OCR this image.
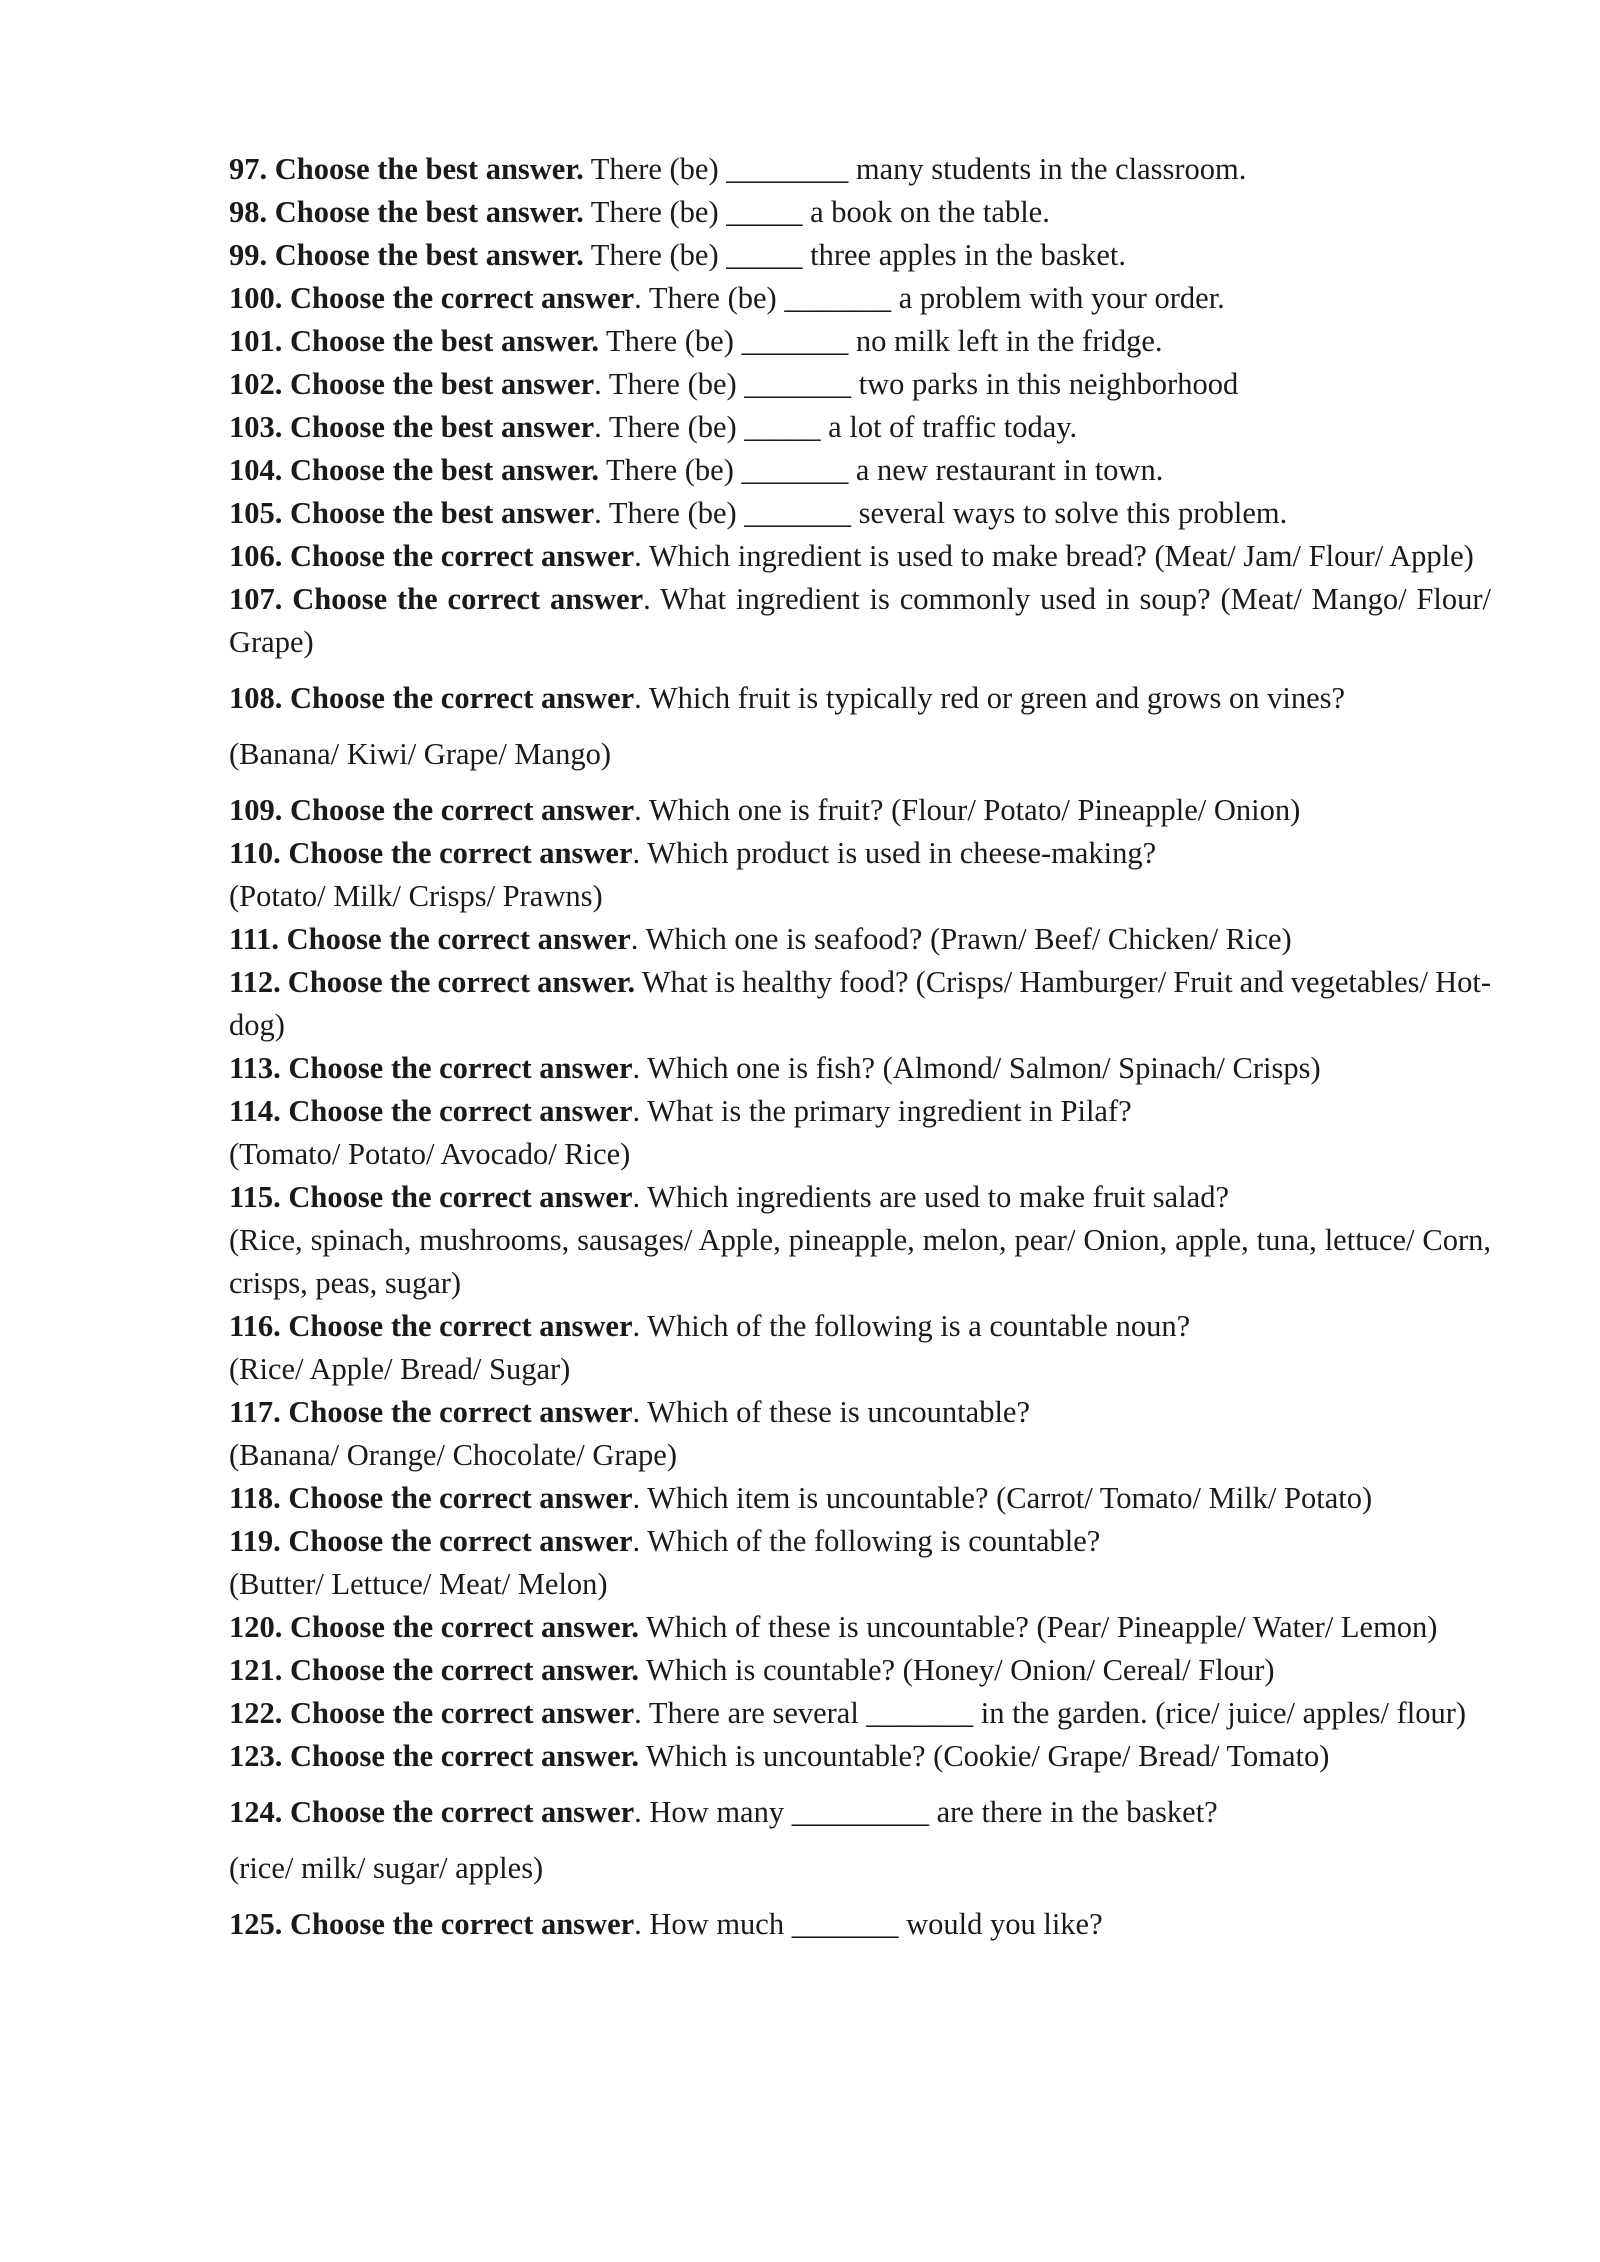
97. Choose the best answer. There (be) ________ many students in the classroom.

98. Choose the best answer. There (be) _____ a book on the table.

99. Choose the best answer. There (be) _____ three apples in the basket.

100. Choose the correct answer. There (be) _______ a problem with your order.

101. Choose the best answer. There (be) _______ no milk left in the fridge.

102. Choose the best answer. There (be) _______ two parks in this neighborhood

103. Choose the best answer. There (be) _____ a lot of traffic today.

104. Choose the best answer. There (be) _______ a new restaurant in town.

105. Choose the best answer. There (be) _______ several ways to solve this problem.

106. Choose the correct answer. Which ingredient is used to make bread? (Meat/ Jam/ Flour/ Apple)

107. Choose the correct answer. What ingredient is commonly used in soup? (Meat/ Mango/ Flour/ Grape)

108. Choose the correct answer. Which fruit is typically red or green and grows on vines?

(Banana/ Kiwi/ Grape/ Mango)

109. Choose the correct answer. Which one is fruit? (Flour/ Potato/ Pineapple/ Onion)

110. Choose the correct answer. Which product is used in cheese-making?

(Potato/ Milk/ Crisps/ Prawns)

111. Choose the correct answer. Which one is seafood? (Prawn/ Beef/ Chicken/ Rice)

112. Choose the correct answer. What is healthy food? (Crisps/ Hamburger/ Fruit and vegetables/ Hot-dog)

113. Choose the correct answer. Which one is fish? (Almond/ Salmon/ Spinach/ Crisps)

114. Choose the correct answer. What is the primary ingredient in Pilaf?

(Tomato/ Potato/ Avocado/ Rice)

115. Choose the correct answer. Which ingredients are used to make fruit salad?

(Rice, spinach, mushrooms, sausages/ Apple, pineapple, melon, pear/ Onion, apple, tuna, lettuce/ Corn, crisps, peas, sugar)

116. Choose the correct answer. Which of the following is a countable noun?

(Rice/ Apple/ Bread/ Sugar)

117. Choose the correct answer. Which of these is uncountable?

(Banana/ Orange/ Chocolate/ Grape)

118. Choose the correct answer. Which item is uncountable? (Carrot/ Tomato/ Milk/ Potato)

119. Choose the correct answer. Which of the following is countable?

(Butter/ Lettuce/ Meat/ Melon)

120. Choose the correct answer. Which of these is uncountable? (Pear/ Pineapple/ Water/ Lemon)

121. Choose the correct answer. Which is countable? (Honey/ Onion/ Cereal/ Flour)

122. Choose the correct answer. There are several _______ in the garden. (rice/ juice/ apples/ flour)

123. Choose the correct answer. Which is uncountable? (Cookie/ Grape/ Bread/ Tomato)

124. Choose the correct answer. How many _________ are there in the basket?

(rice/ milk/ sugar/ apples)

125. Choose the correct answer. How much _______ would you like?
